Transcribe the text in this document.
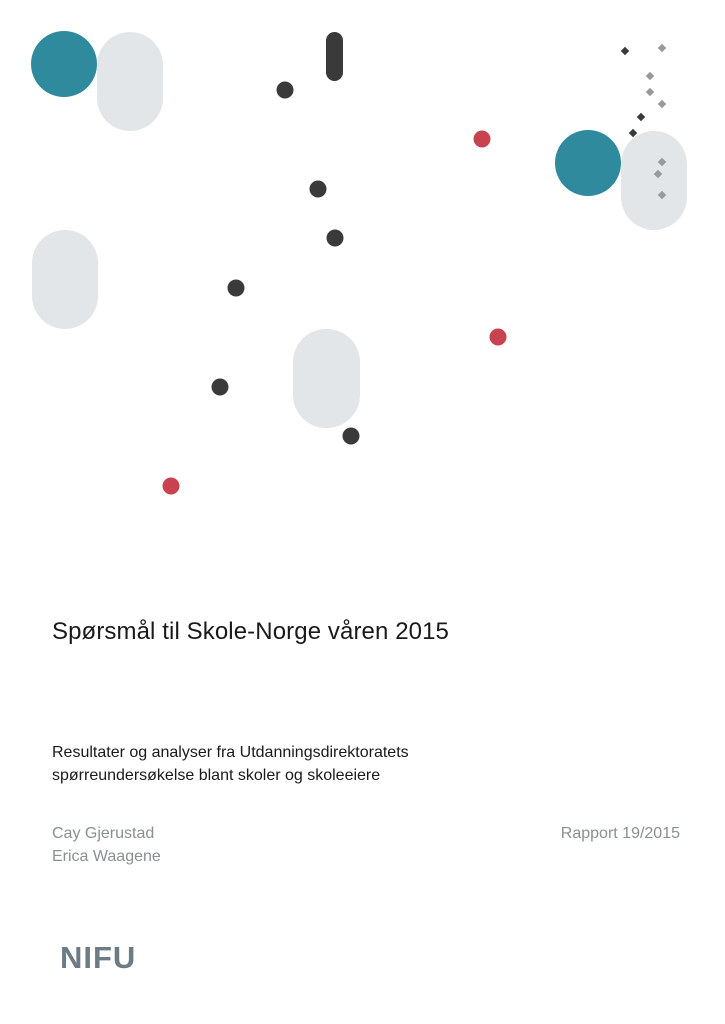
Spørsmål til Skole-Norge våren 2015
Resultater og analyser fra Utdanningsdirektoratets
spørreundersøkelse blant skoler og skoleeiere
Cay Gjerustad
Erica Waagene
Rapport 19/2015
NIFU
